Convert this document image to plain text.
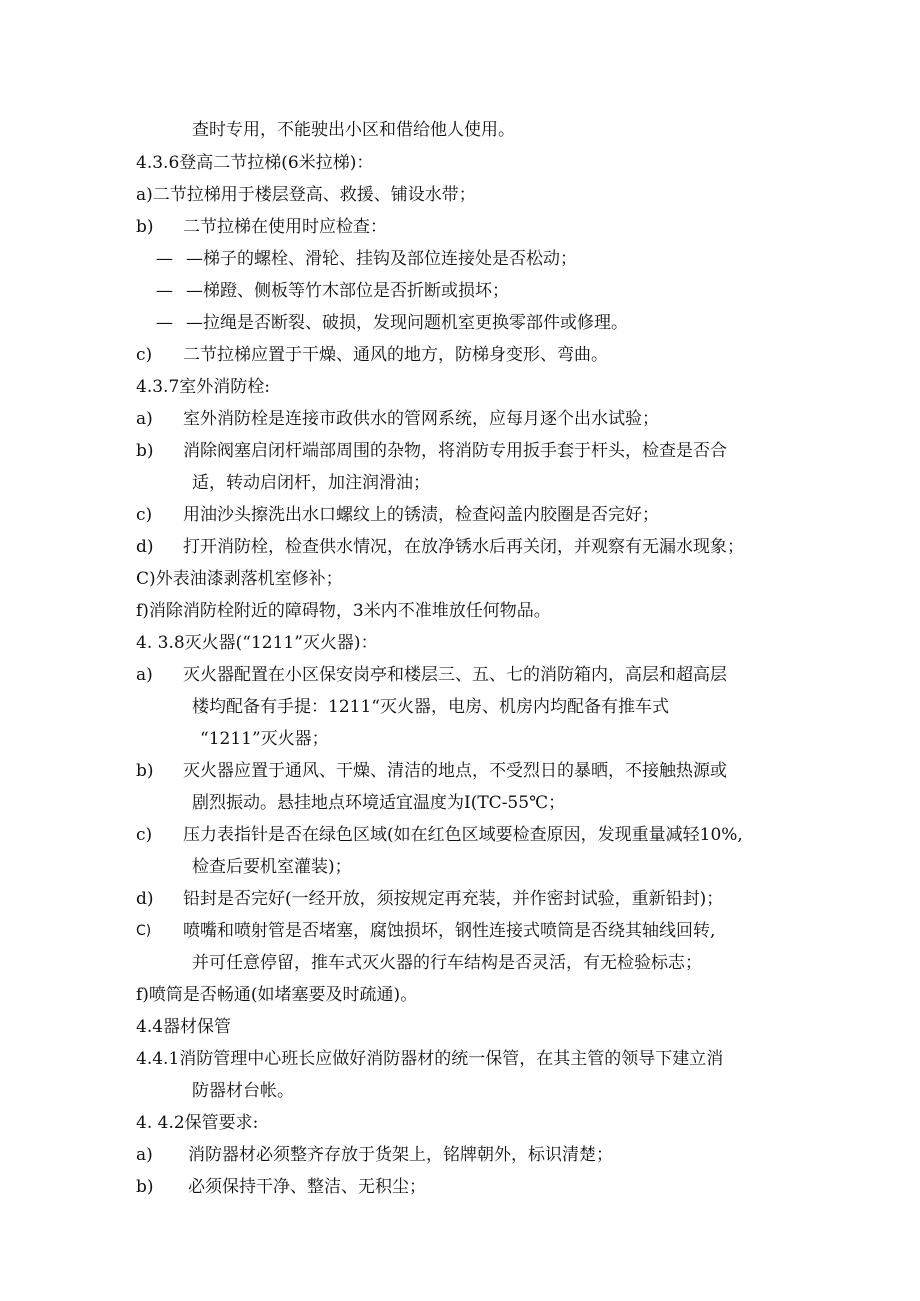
查时专用，不能驶出小区和借给他人使用。
4.3.6登高二节拉梯(6米拉梯)：
a)二节拉梯用于楼层登高、救援、铺设水带；
b) 二节拉梯在使用时应检查：
— —梯子的螺栓、滑轮、挂钩及部位连接处是否松动；
— —梯蹬、侧板等竹木部位是否折断或损坏；
— —拉绳是否断裂、破损，发现问题机室更换零部件或修理。
c) 二节拉梯应置于干燥、通风的地方，防梯身变形、弯曲。
4.3.7室外消防栓:
a) 室外消防栓是连接市政供水的管网系统，应每月逐个出水试验；
b) 消除阀塞启闭杆端部周围的杂物，将消防专用扳手套于杆头，检查是否合
适，转动启闭杆，加注润滑油；
c) 用油沙头擦洗出水口螺纹上的锈渍，检查闷盖内胶圈是否完好；
d) 打开消防栓，检查供水情况，在放净锈水后再关闭，并观察有无漏水现象；
C)外表油漆剥落机室修补；
f)消除消防栓附近的障碍物，3米内不准堆放任何物品。
4. 3.8灭火器(“1211”灭火器)：
a) 灭火器配置在小区保安岗亭和楼层三、五、七的消防箱内，高层和超高层
楼均配备有手提：1211“灭火器，电房、机房内均配备有推车式
“1211”灭火器；
b) 灭火器应置于通风、干燥、清洁的地点，不受烈日的暴晒，不接触热源或
剧烈振动。悬挂地点环境适宜温度为I(TC-55℃；
c) 压力表指针是否在绿色区域(如在红色区域要检查原因，发现重量减轻10%,
检查后要机室灌装)；
d) 铅封是否完好(一经开放，须按规定再充装，并作密封试验，重新铅封)；
C) 喷嘴和喷射管是否堵塞，腐蚀损坏，钢性连接式喷筒是否绕其轴线回转,
并可任意停留，推车式灭火器的行车结构是否灵活，有无检验标志；
f)喷筒是否畅通(如堵塞要及时疏通)。
4.4器材保管
4.4.1消防管理中心班长应做好消防器材的统一保管，在其主管的领导下建立消
防器材台帐。
4. 4.2保管要求:
a) 消防器材必须整齐存放于货架上，铭牌朝外，标识清楚；
b) 必须保持干净、整洁、无积尘；
